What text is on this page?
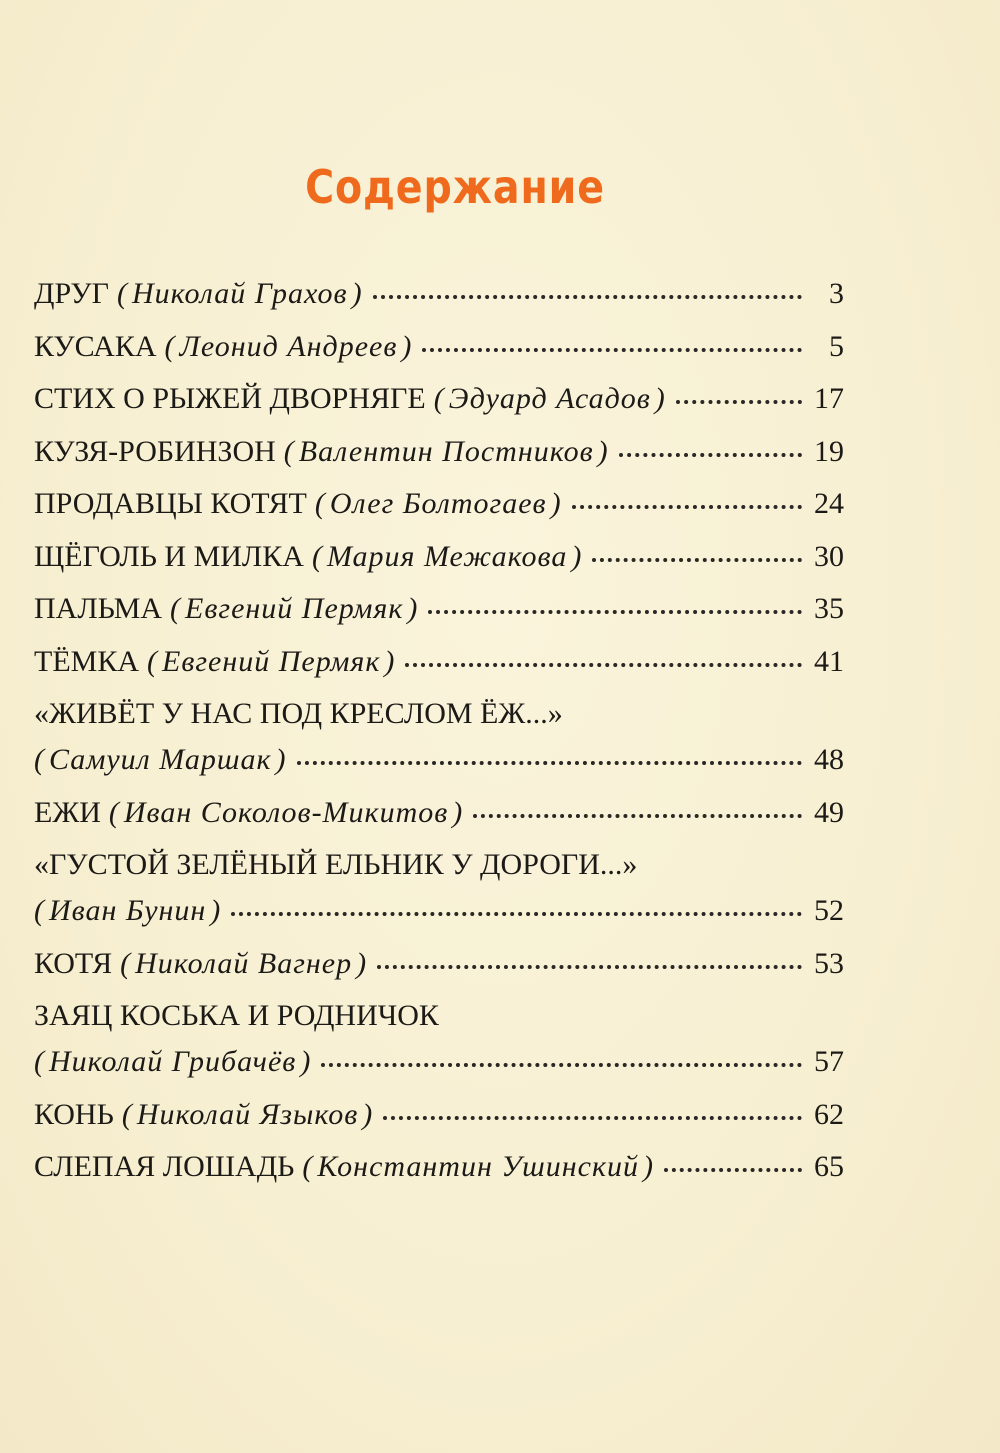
Содержание
ДРУГ ( Николай Грахов )	3
КУСАКА ( Леонид Андреев )	5
СТИХ О РЫЖЕЙ ДВОРНЯГЕ ( Эдуард Асадов )	17
КУЗЯ-РОБИНЗОН ( Валентин Постников )	19
ПРОДАВЦЫ КОТЯТ ( Олег Болтогаев )	24
ЩЁГОЛЬ И МИЛКА ( Мария Межакова )	30
ПАЛЬМА ( Евгений Пермяк )	35
ТЁМКА ( Евгений Пермяк )	41
«ЖИВЁТ У НАС ПОД КРЕСЛОМ ЁЖ...»
( Самуил Маршак )	48
ЕЖИ ( Иван Соколов-Микитов )	49
«ГУСТОЙ ЗЕЛЁНЫЙ ЕЛЬНИК У ДОРОГИ...»
( Иван Бунин )	52
КОТЯ ( Николай Вагнер )	53
ЗАЯЦ КОСЬКА И РОДНИЧОК
( Николай Грибачёв )	57
КОНЬ ( Николай Языков )	62
СЛЕПАЯ ЛОШАДЬ ( Константин Ушинский )	65
